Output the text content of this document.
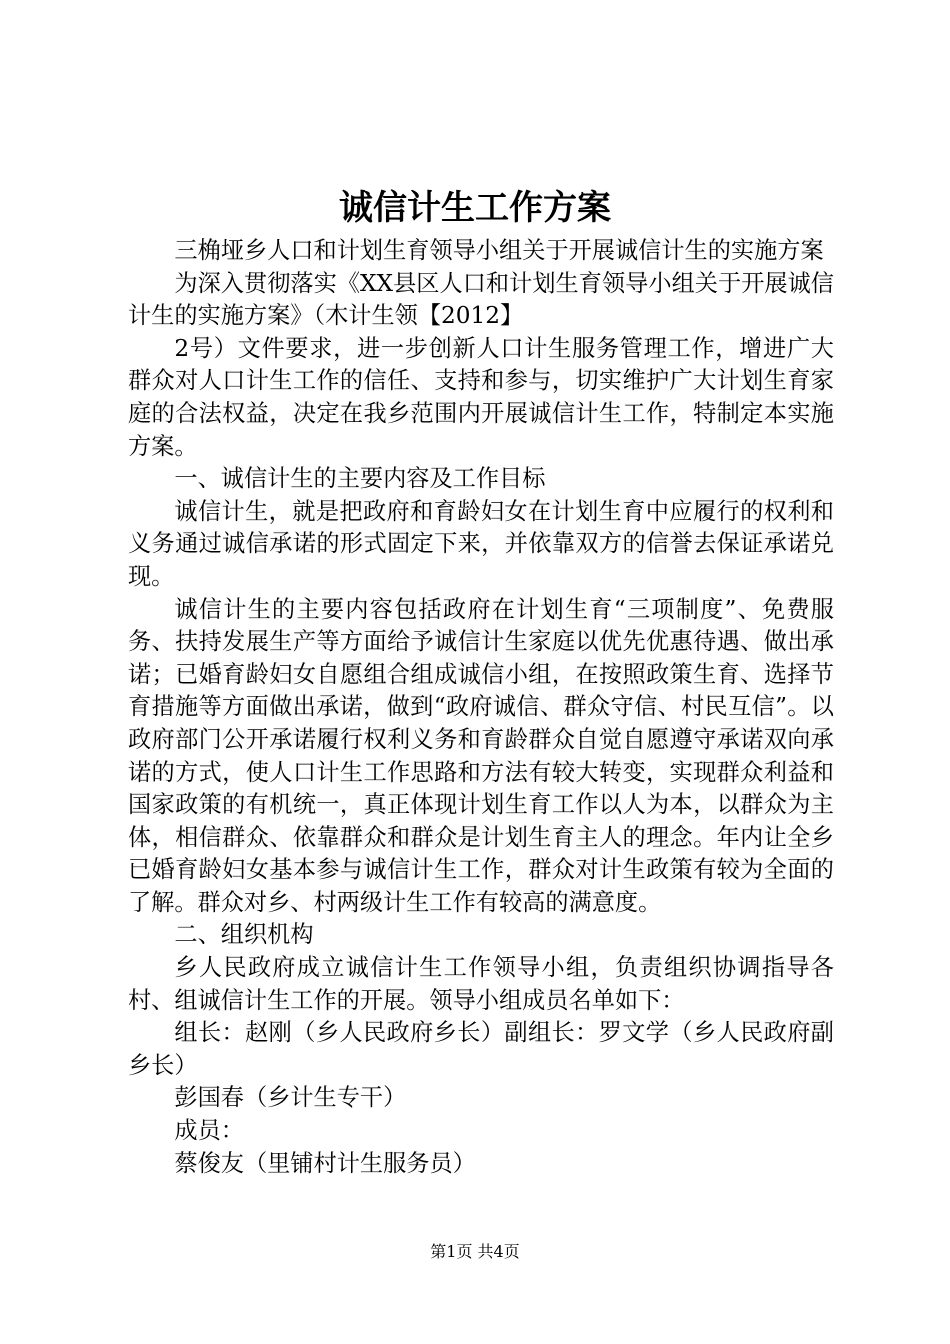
诚信计生工作方案

三桷垭乡人口和计划生育领导小组关于开展诚信计生的实施方案

为深入贯彻落实《XX县区人口和计划生育领导小组关于开展诚信计生的实施方案》（木计生领【2012】

2号）文件要求，进一步创新人口计生服务管理工作，增进广大群众对人口计生工作的信任、支持和参与，切实维护广大计划生育家庭的合法权益，决定在我乡范围内开展诚信计生工作，特制定本实施方案。

一、诚信计生的主要内容及工作目标

诚信计生，就是把政府和育龄妇女在计划生育中应履行的权利和义务通过诚信承诺的形式固定下来，并依靠双方的信誉去保证承诺兑现。

诚信计生的主要内容包括政府在计划生育“三项制度”、免费服务、扶持发展生产等方面给予诚信计生家庭以优先优惠待遇、做出承诺；已婚育龄妇女自愿组合组成诚信小组，在按照政策生育、选择节育措施等方面做出承诺，做到“政府诚信、群众守信、村民互信”。以政府部门公开承诺履行权利义务和育龄群众自觉自愿遵守承诺双向承诺的方式，使人口计生工作思路和方法有较大转变，实现群众利益和国家政策的有机统一，真正体现计划生育工作以人为本，以群众为主体，相信群众、依靠群众和群众是计划生育主人的理念。年内让全乡已婚育龄妇女基本参与诚信计生工作，群众对计生政策有较为全面的了解。群众对乡、村两级计生工作有较高的满意度。

二、组织机构

乡人民政府成立诚信计生工作领导小组，负责组织协调指导各村、组诚信计生工作的开展。领导小组成员名单如下：

组长：赵刚（乡人民政府乡长）副组长：罗文学（乡人民政府副乡长）

彭国春（乡计生专干）

成员：

蔡俊友（里铺村计生服务员）

第1页 共4页
